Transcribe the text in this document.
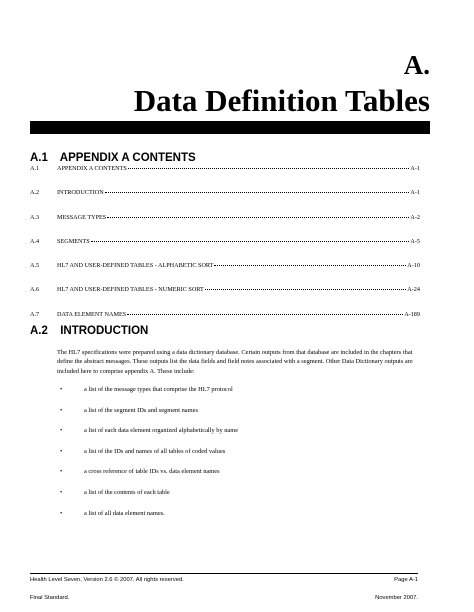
A.
Data Definition Tables
A.1 APPENDIX A CONTENTS
A.1	APPENDIX A CONTENTS	A-1
A.2	INTRODUCTION	A-1
A.3	MESSAGE TYPES	A-2
A.4	SEGMENTS	A-5
A.5	HL7 AND USER-DEFINED TABLES - ALPHABETIC SORT	A-10
A.6	HL7 AND USER-DEFINED TABLES - NUMERIC SORT	A-24
A.7	DATA ELEMENT NAMES	A-189
A.2 INTRODUCTION

The HL7 specifications were prepared using a data dictionary database. Certain outputs from that database are included in the chapters that define the abstract messages. These outputs list the data fields and field notes associated with a segment. Other Data Dictionary outputs are included here to comprise appendix A. These include:

•	a list of the message types that comprise the HL7 protocol
•	a list of the segment IDs and segment names
•	a list of each data element organized alphabetically by name
•	a list of the IDs and names of all tables of coded values
•	a cross reference of table IDs vs. data element names
•	a list of the contents of each table
•	a list of all data element names.
Health Level Seven, Version 2.6 © 2007. All rights reserved.
Final Standard.
Page A-1
November 2007.
